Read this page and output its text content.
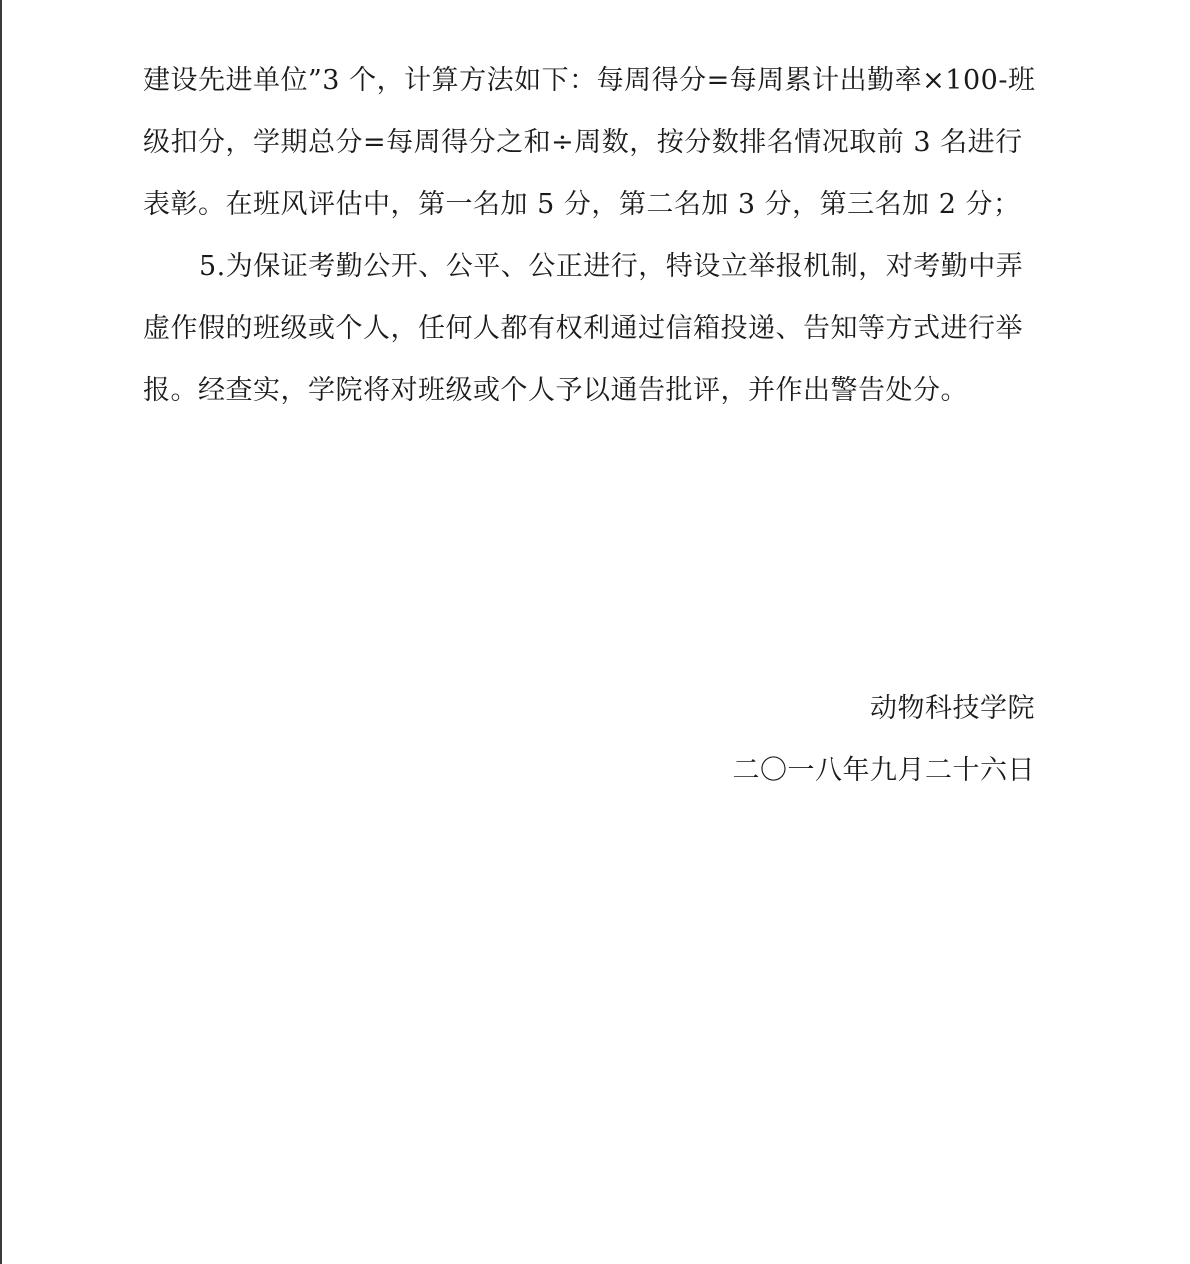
建设先进单位”3 个，计算方法如下：每周得分=每周累计出勤率×100-班
级扣分，学期总分=每周得分之和÷周数，按分数排名情况取前 3 名进行
表彰。在班风评估中，第一名加 5 分，第二名加 3 分，第三名加 2 分；
5.为保证考勤公开、公平、公正进行，特设立举报机制，对考勤中弄
虚作假的班级或个人，任何人都有权利通过信箱投递、告知等方式进行举
报。经查实，学院将对班级或个人予以通告批评，并作出警告处分。
动物科技学院
二〇一八年九月二十六日
